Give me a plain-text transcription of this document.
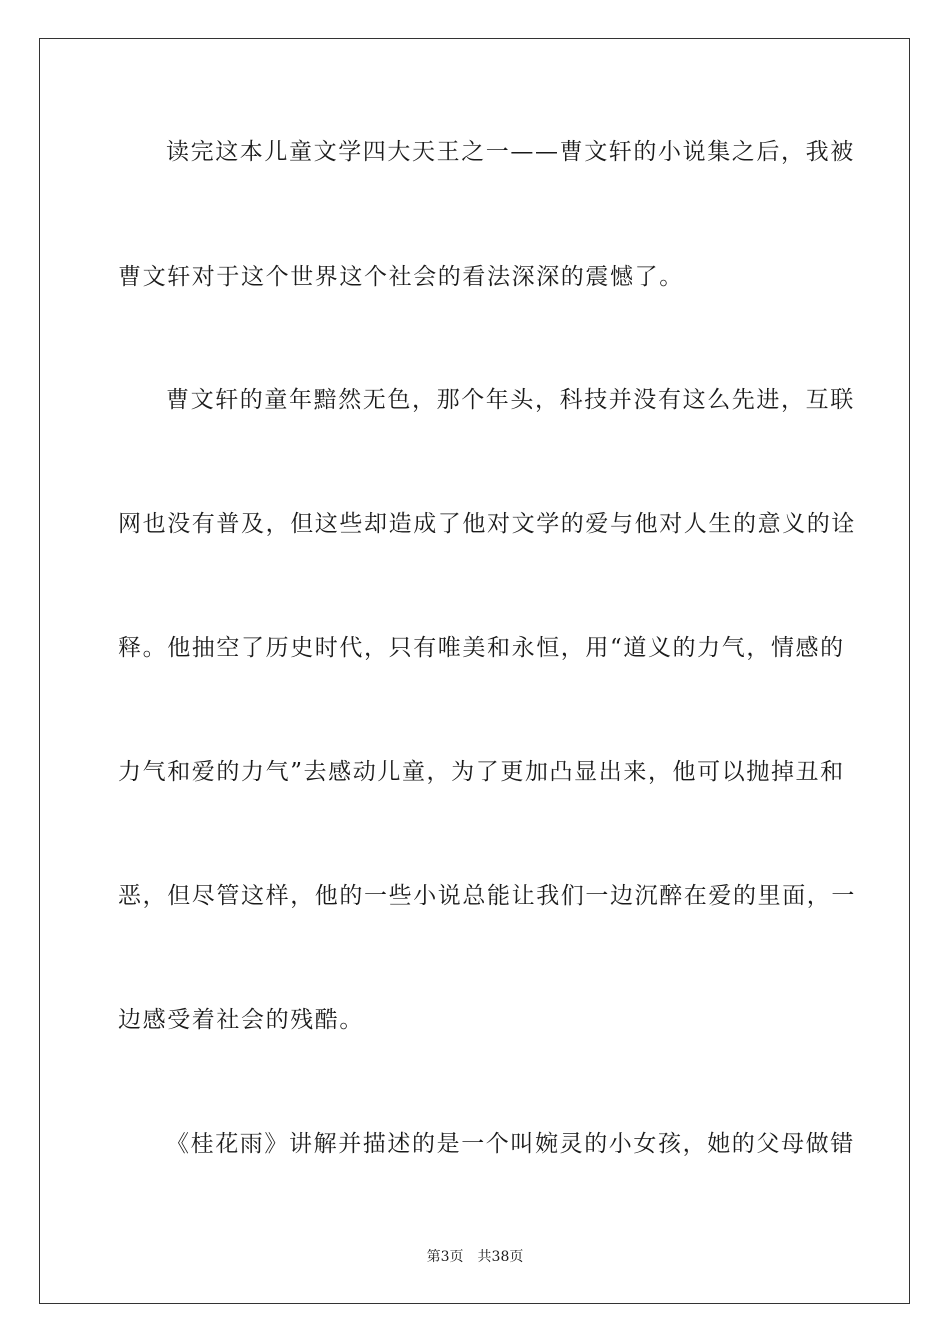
读完这本儿童文学四大天王之一——曹文轩的小说集之后，我被
曹文轩对于这个世界这个社会的看法深深的震憾了。
曹文轩的童年黯然无色，那个年头，科技并没有这么先进，互联
网也没有普及，但这些却造成了他对文学的爱与他对人生的意义的诠
释。他抽空了历史时代，只有唯美和永恒，用“道义的力气，情感的
力气和爱的力气”去感动儿童，为了更加凸显出来，他可以抛掉丑和
恶，但尽管这样，他的一些小说总能让我们一边沉醉在爱的里面，一
边感受着社会的残酷。
《桂花雨》讲解并描述的是一个叫婉灵的小女孩，她的父母做错
第3页 共38页
